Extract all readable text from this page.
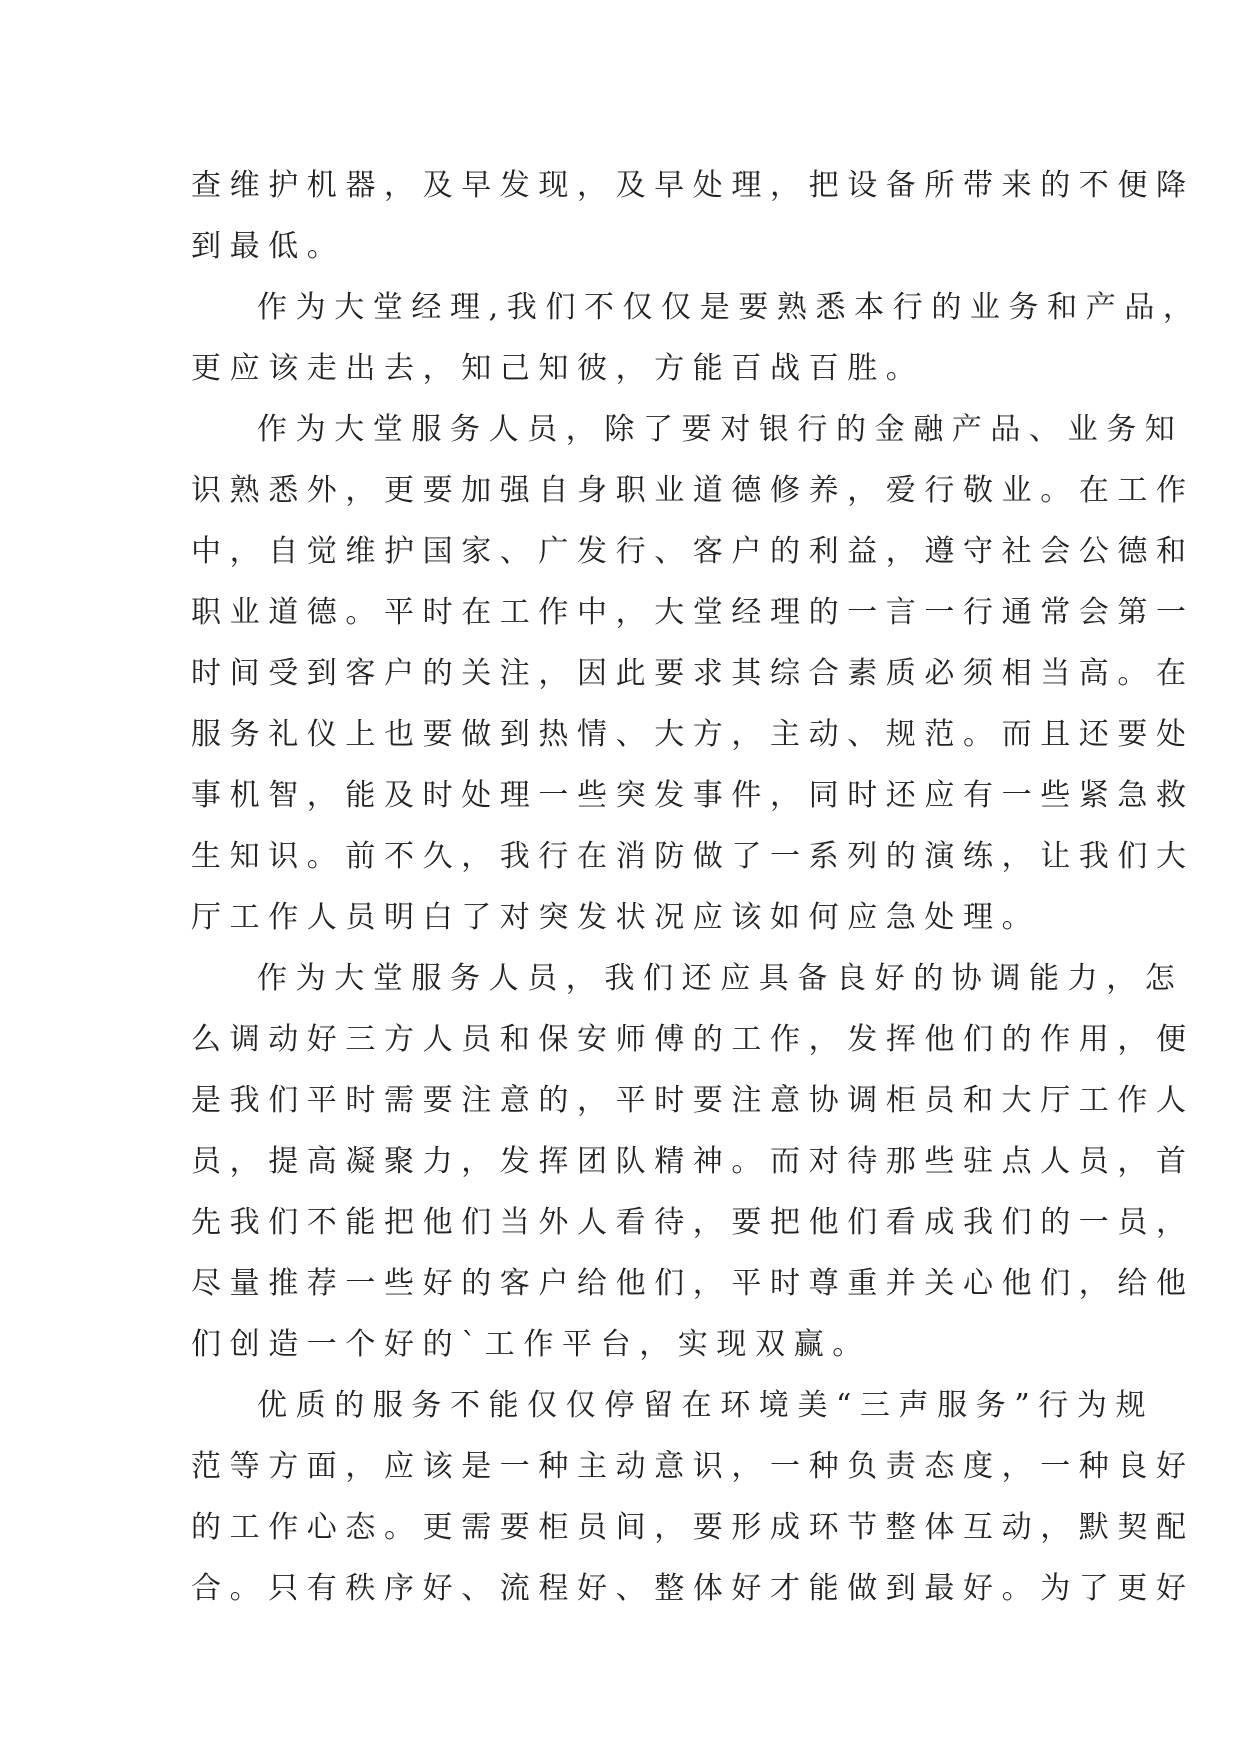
查维护机器，及早发现，及早处理，把设备所带来的不便降
到最低。
作为大堂经理,我们不仅仅是要熟悉本行的业务和产品，
更应该走出去，知己知彼，方能百战百胜。
作为大堂服务人员，除了要对银行的金融产品、业务知
识熟悉外，更要加强自身职业道德修养，爱行敬业。在工作
中，自觉维护国家、广发行、客户的利益，遵守社会公德和
职业道德。平时在工作中，大堂经理的一言一行通常会第一
时间受到客户的关注，因此要求其综合素质必须相当高。在
服务礼仪上也要做到热情、大方，主动、规范。而且还要处
事机智，能及时处理一些突发事件，同时还应有一些紧急救
生知识。前不久，我行在消防做了一系列的演练，让我们大
厅工作人员明白了对突发状况应该如何应急处理。
作为大堂服务人员，我们还应具备良好的协调能力，怎
么调动好三方人员和保安师傅的工作，发挥他们的作用，便
是我们平时需要注意的，平时要注意协调柜员和大厅工作人
员，提高凝聚力，发挥团队精神。而对待那些驻点人员，首
先我们不能把他们当外人看待，要把他们看成我们的一员，
尽量推荐一些好的客户给他们，平时尊重并关心他们，给他
们创造一个好的`工作平台，实现双赢。
优质的服务不能仅仅停留在环境美“三声服务”行为规
范等方面，应该是一种主动意识，一种负责态度，一种良好
的工作心态。更需要柜员间，要形成环节整体互动，默契配
合。只有秩序好、流程好、整体好才能做到最好。为了更好
